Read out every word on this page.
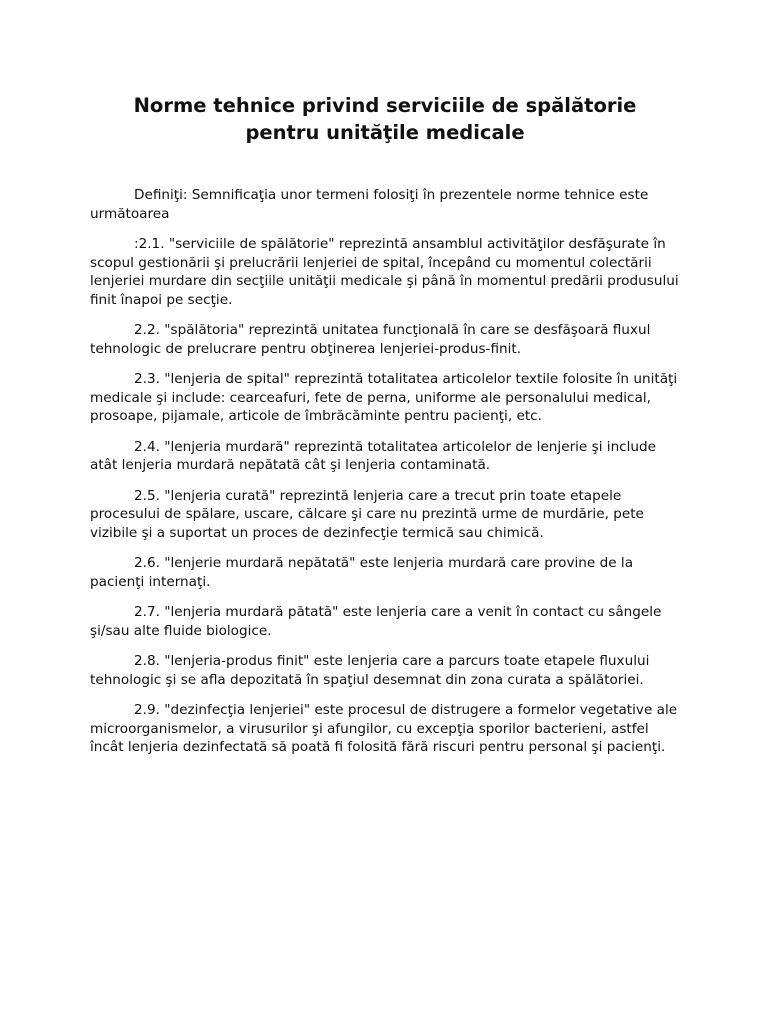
Norme tehnice privind serviciile de spălătorie
pentru unităţile medicale

Definiţi: Semnificaţia unor termeni folosiţi în prezentele norme tehnice este următoarea

:2.1. "serviciile de spălătorie" reprezintă ansamblul activităţilor desfăşurate în scopul gestionării şi prelucrării lenjeriei de spital, începând cu momentul colectării lenjeriei murdare din secţiile unităţii medicale şi până în momentul predării produsului finit înapoi pe secţie.

2.2. "spălătoria" reprezintă unitatea funcţională în care se desfăşoară fluxul tehnologic de prelucrare pentru obţinerea lenjeriei-produs-finit.

2.3. "lenjeria de spital" reprezintă totalitatea articolelor textile folosite în unităţi medicale şi include: cearceafuri, fete de perna, uniforme ale personalului medical, prosoape, pijamale, articole de îmbrăcăminte pentru pacienţi, etc.

2.4. "lenjeria murdară" reprezintă totalitatea articolelor de lenjerie şi include atât lenjeria murdară nepătată cât şi lenjeria contaminată.

2.5. "lenjeria curată" reprezintă lenjeria care a trecut prin toate etapele procesului de spălare, uscare, călcare şi care nu prezintă urme de murdărie, pete vizibile şi a suportat un proces de dezinfecţie termică sau chimică.

2.6. "lenjerie murdară nepătată" este lenjeria murdară care provine de la pacienţi internaţi.

2.7. "lenjeria murdară pătată" este lenjeria care a venit în contact cu sângele şi/sau alte fluide biologice.

2.8. "lenjeria-produs finit" este lenjeria care a parcurs toate etapele fluxului tehnologic şi se afla depozitată în spaţiul desemnat din zona curata a spălătoriei.

2.9. "dezinfecţia lenjeriei" este procesul de distrugere a formelor vegetative ale microorganismelor, a virusurilor şi afungilor, cu excepţia sporilor bacterieni, astfel încât lenjeria dezinfectată să poată fi folosită fără riscuri pentru personal şi pacienţi.
